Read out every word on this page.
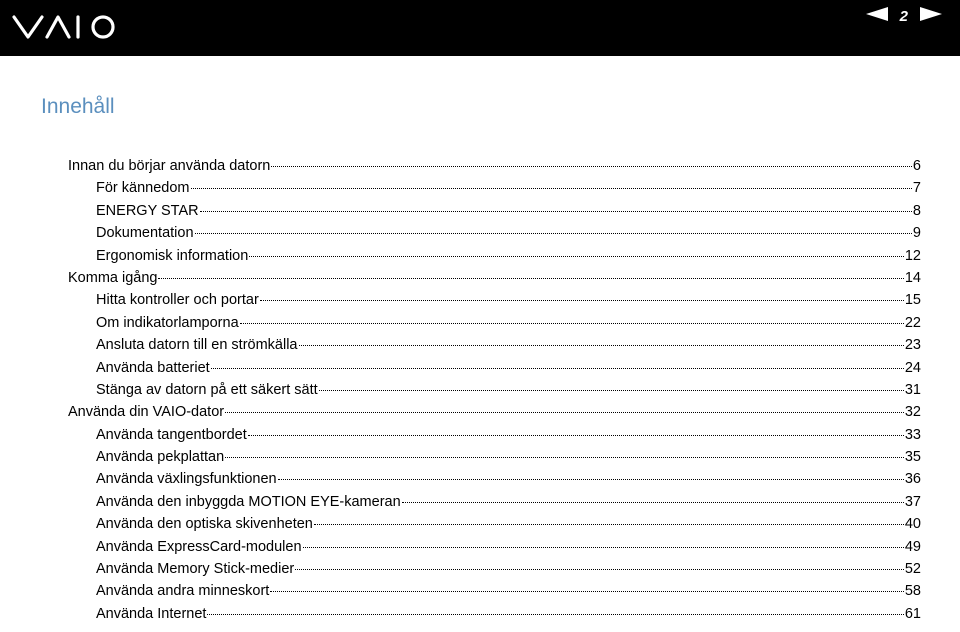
2
Innehåll
Innan du börjar använda datorn	6
För kännedom	7
ENERGY STAR	8
Dokumentation	9
Ergonomisk information	12
Komma igång	14
Hitta kontroller och portar	15
Om indikatorlamporna	22
Ansluta datorn till en strömkälla	23
Använda batteriet	24
Stänga av datorn på ett säkert sätt	31
Använda din VAIO-dator	32
Använda tangentbordet	33
Använda pekplattan	35
Använda växlingsfunktionen	36
Använda den inbyggda MOTION EYE-kameran	37
Använda den optiska skivenheten	40
Använda ExpressCard-modulen	49
Använda Memory Stick-medier	52
Använda andra minneskort	58
Använda Internet	61
